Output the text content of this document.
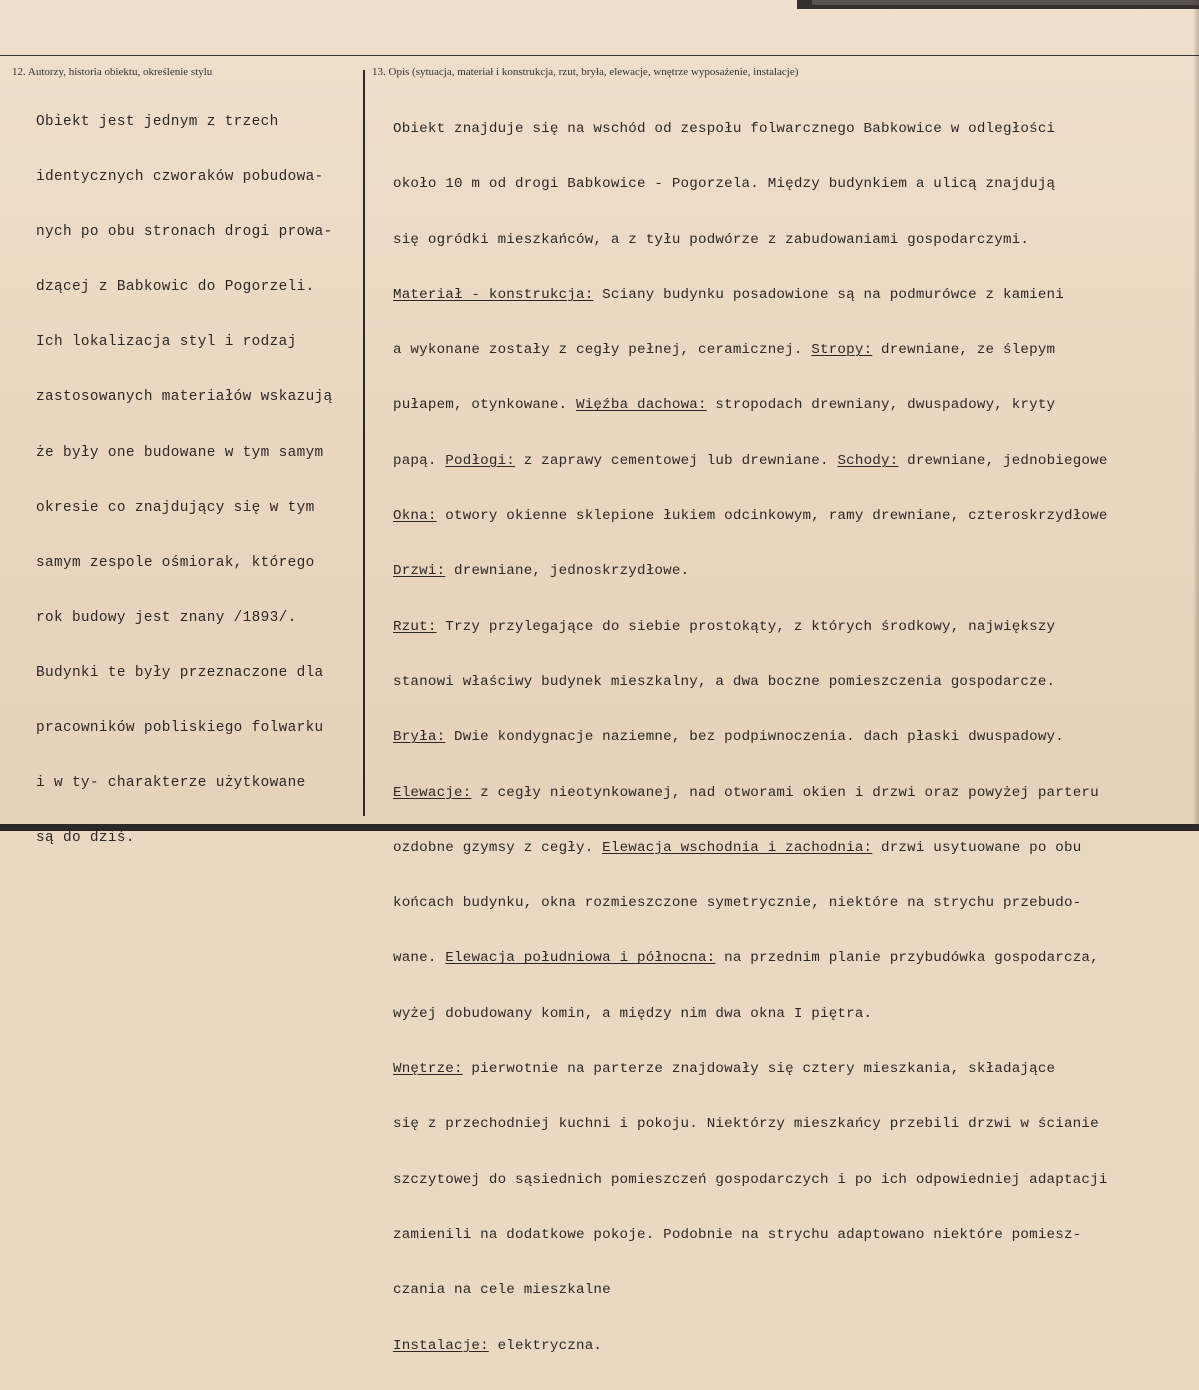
12. Autorzy, historia obiektu, określenie stylu	13. Opis (sytuacja, materiał i konstrukcja, rzut, bryła, elewacje, wnętrze wyposażenie, instalacje)

Obiekt jest jednym z trzech

identycznych czworaków pobudowa-

nych po obu stronach drogi prowa-

dzącej z Babkowic do Pogorzeli.

Ich lokalizacja styl i rodzaj

zastosowanych materiałów wskazują

że były one budowane w tym samym

okresie co znajdujący się w tym

samym zespole ośmiorak, którego

rok budowy jest znany /1893/.

Budynki te były przeznaczone dla

pracowników pobliskiego folwarku

i w ty- charakterze użytkowane

są do dziś.

Obiekt znajduje się na wschód od zespołu folwarcznego Babkowice w odległości

około 10 m od drogi Babkowice - Pogorzela. Między budynkiem a ulicą znajdują

się ogródki mieszkańców, a z tyłu podwórze z zabudowaniami gospodarczymi.

Materiał - konstrukcja: Sciany budynku posadowione są na podmurówce z kamieni

a wykonane zostały z cegły pełnej, ceramicznej. Stropy: drewniane, ze ślepym

pułapem, otynkowane. Więźba dachowa: stropodach drewniany, dwuspadowy, kryty

papą. Podłogi: z zaprawy cementowej lub drewniane. Schody: drewniane, jednobiegowe

Okna: otwory okienne sklepione łukiem odcinkowym, ramy drewniane, czteroskrzydłowe

Drzwi: drewniane, jednoskrzydłowe.

Rzut: Trzy przylegające do siebie prostokąty, z których środkowy, największy

stanowi właściwy budynek mieszkalny, a dwa boczne pomieszczenia gospodarcze.

Bryła: Dwie kondygnacje naziemne, bez podpiwnoczenia. dach płaski dwuspadowy.

Elewacje: z cegły nieotynkowanej, nad otworami okien i drzwi oraz powyżej parteru

ozdobne gzymsy z cegły. Elewacja wschodnia i zachodnia: drzwi usytuowane po obu

końcach budynku, okna rozmieszczone symetrycznie, niektóre na strychu przebudo-

wane. Elewacja południowa i północna: na przednim planie przybudówka gospodarcza,

wyżej dobudowany komin, a między nim dwa okna I piętra.

Wnętrze: pierwotnie na parterze znajdowały się cztery mieszkania, składające

się z przechodniej kuchni i pokoju. Niektórzy mieszkańcy przebili drzwi w ścianie

szczytowej do sąsiednich pomieszczeń gospodarczych i po ich odpowiedniej adaptacji

zamienili na dodatkowe pokoje. Podobnie na strychu adaptowano niektóre pomiesz-

czania na cele mieszkalne

Instalacje: elektryczna.
